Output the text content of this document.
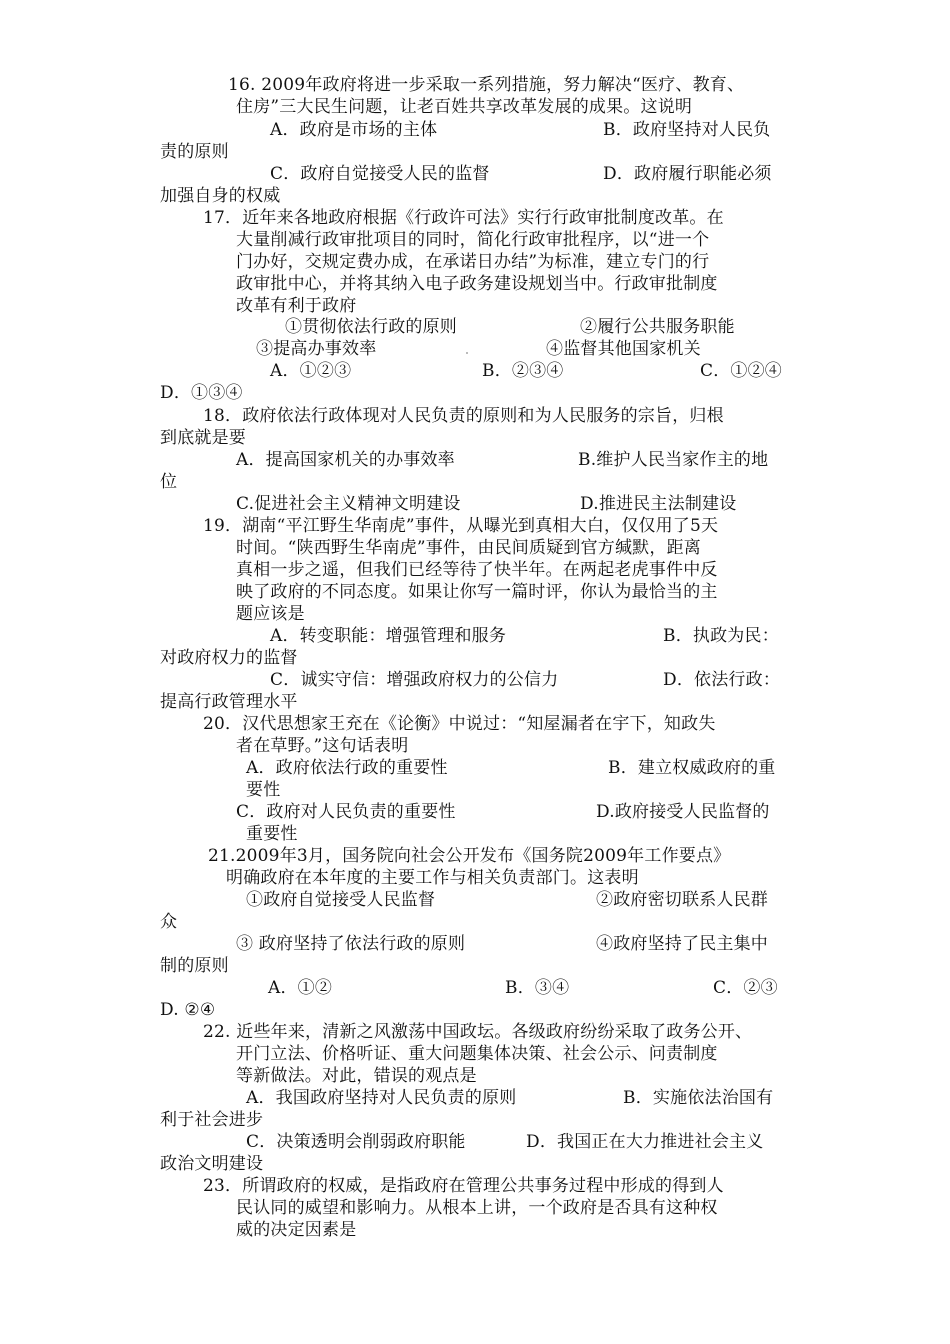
16. 2009年政府将进一步采取一系列措施，努力解决“医疗、教育、
住房”三大民生问题，让老百姓共享改革发展的成果。这说明
A．政府是市场的主体	B．政府坚持对人民负
责的原则
C．政府自觉接受人民的监督	D．政府履行职能必须
加强自身的权威
17．近年来各地政府根据《行政许可法》实行行政审批制度改革。在
大量削减行政审批项目的同时，简化行政审批程序，以“进一个
门办好，交规定费办成，在承诺日办结”为标准，建立专门的行
政审批中心，并将其纳入电子政务建设规划当中。行政审批制度
改革有利于政府
①贯彻依法行政的原则	②履行公共服务职能
③提高办事效率	④监督其他国家机关
A．①②③	B．②③④	C．①②④
D．①③④
18．政府依法行政体现对人民负责的原则和为人民服务的宗旨，归根
到底就是要
A．提高国家机关的办事效率	B.维护人民当家作主的地
位
C.促进社会主义精神文明建设	D.推进民主法制建设
19．湖南“平江野生华南虎”事件，从曝光到真相大白，仅仅用了5天
时间。“陕西野生华南虎”事件，由民间质疑到官方缄默，距离
真相一步之遥，但我们已经等待了快半年。在两起老虎事件中反
映了政府的不同态度。如果让你写一篇时评，你认为最恰当的主
题应该是
A．转变职能：增强管理和服务	B．执政为民：
对政府权力的监督
C．诚实守信：增强政府权力的公信力	D．依法行政：
提高行政管理水平
20．汉代思想家王充在《论衡》中说过：“知屋漏者在宇下，知政失
者在草野。”这句话表明
A．政府依法行政的重要性	B．建立权威政府的重
要性
C．政府对人民负责的重要性	D.政府接受人民监督的
重要性
21.2009年3月，国务院向社会公开发布《国务院2009年工作要点》
明确政府在本年度的主要工作与相关负责部门。这表明
①政府自觉接受人民监督	②政府密切联系人民群
众
③ 政府坚持了依法行政的原则	④政府坚持了民主集中
制的原则
A．①②	B．③④	C．②③
D. ②④
22. 近些年来，清新之风激荡中国政坛。各级政府纷纷采取了政务公开、
开门立法、价格听证、重大问题集体决策、社会公示、问责制度
等新做法。对此，错误的观点是
A．我国政府坚持对人民负责的原则	B．实施依法治国有
利于社会进步
C．决策透明会削弱政府职能	D．我国正在大力推进社会主义
政治文明建设
23．所谓政府的权威，是指政府在管理公共事务过程中形成的得到人
民认同的威望和影响力。从根本上讲，一个政府是否具有这种权
威的决定因素是
